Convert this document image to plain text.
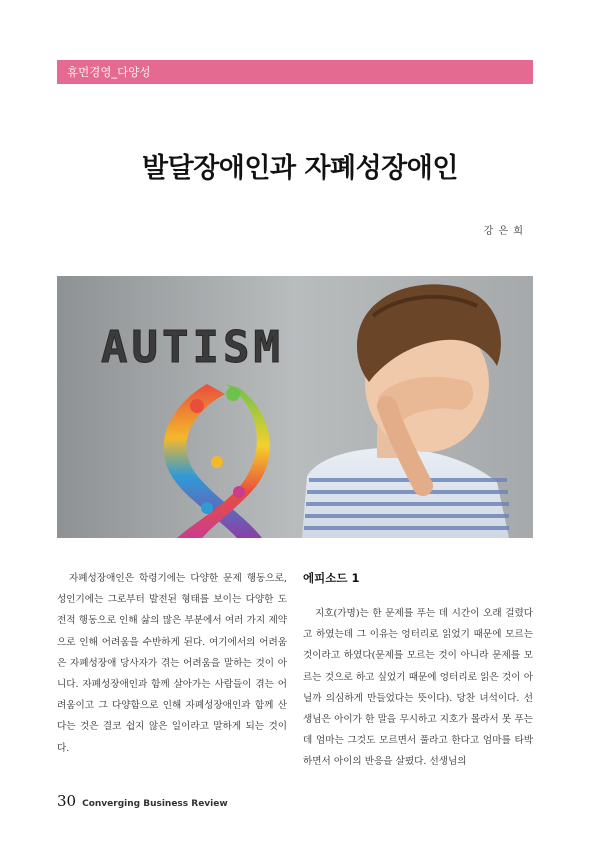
휴먼경영_다양성
발달장애인과 자폐성장애인
강 은 희
AUTISM

자폐성장애인은 학령기에는 다양한 문제 행동으로, 성인기에는 그로부터 발전된 형태를 보이는 다양한 도전적 행동으로 인해 삶의 많은 부분에서 여러 가지 제약으로 인해 어려움을 수반하게 된다. 여기에서의 어려움은 자폐성장애 당사자가 겪는 어려움을 말하는 것이 아니다. 자폐성장애인과 함께 살아가는 사람들이 겪는 어려움이고 그 다양함으로 인해 자폐성장애인과 함께 산다는 것은 결코 쉽지 않은 일이라고 말하게 되는 것이다.

에피소드 1

지호(가명)는 한 문제를 푸는 데 시간이 오래 걸렸다고 하였는데 그 이유는 엉터리로 읽었기 때문에 모르는 것이라고 하였다(문제를 모르는 것이 아니라 문제를 모르는 것으로 하고 싶었기 때문에 엉터리로 읽은 것이 아닐까 의심하게 만들었다는 뜻이다). 당찬 녀석이다. 선생님은 아이가 한 말을 무시하고 지호가 몰라서 못 푸는데 엄마는 그것도 모르면서 풀라고 한다고 엄마를 타박하면서 아이의 반응을 살폈다. 선생님의

30 Converging Business Review
